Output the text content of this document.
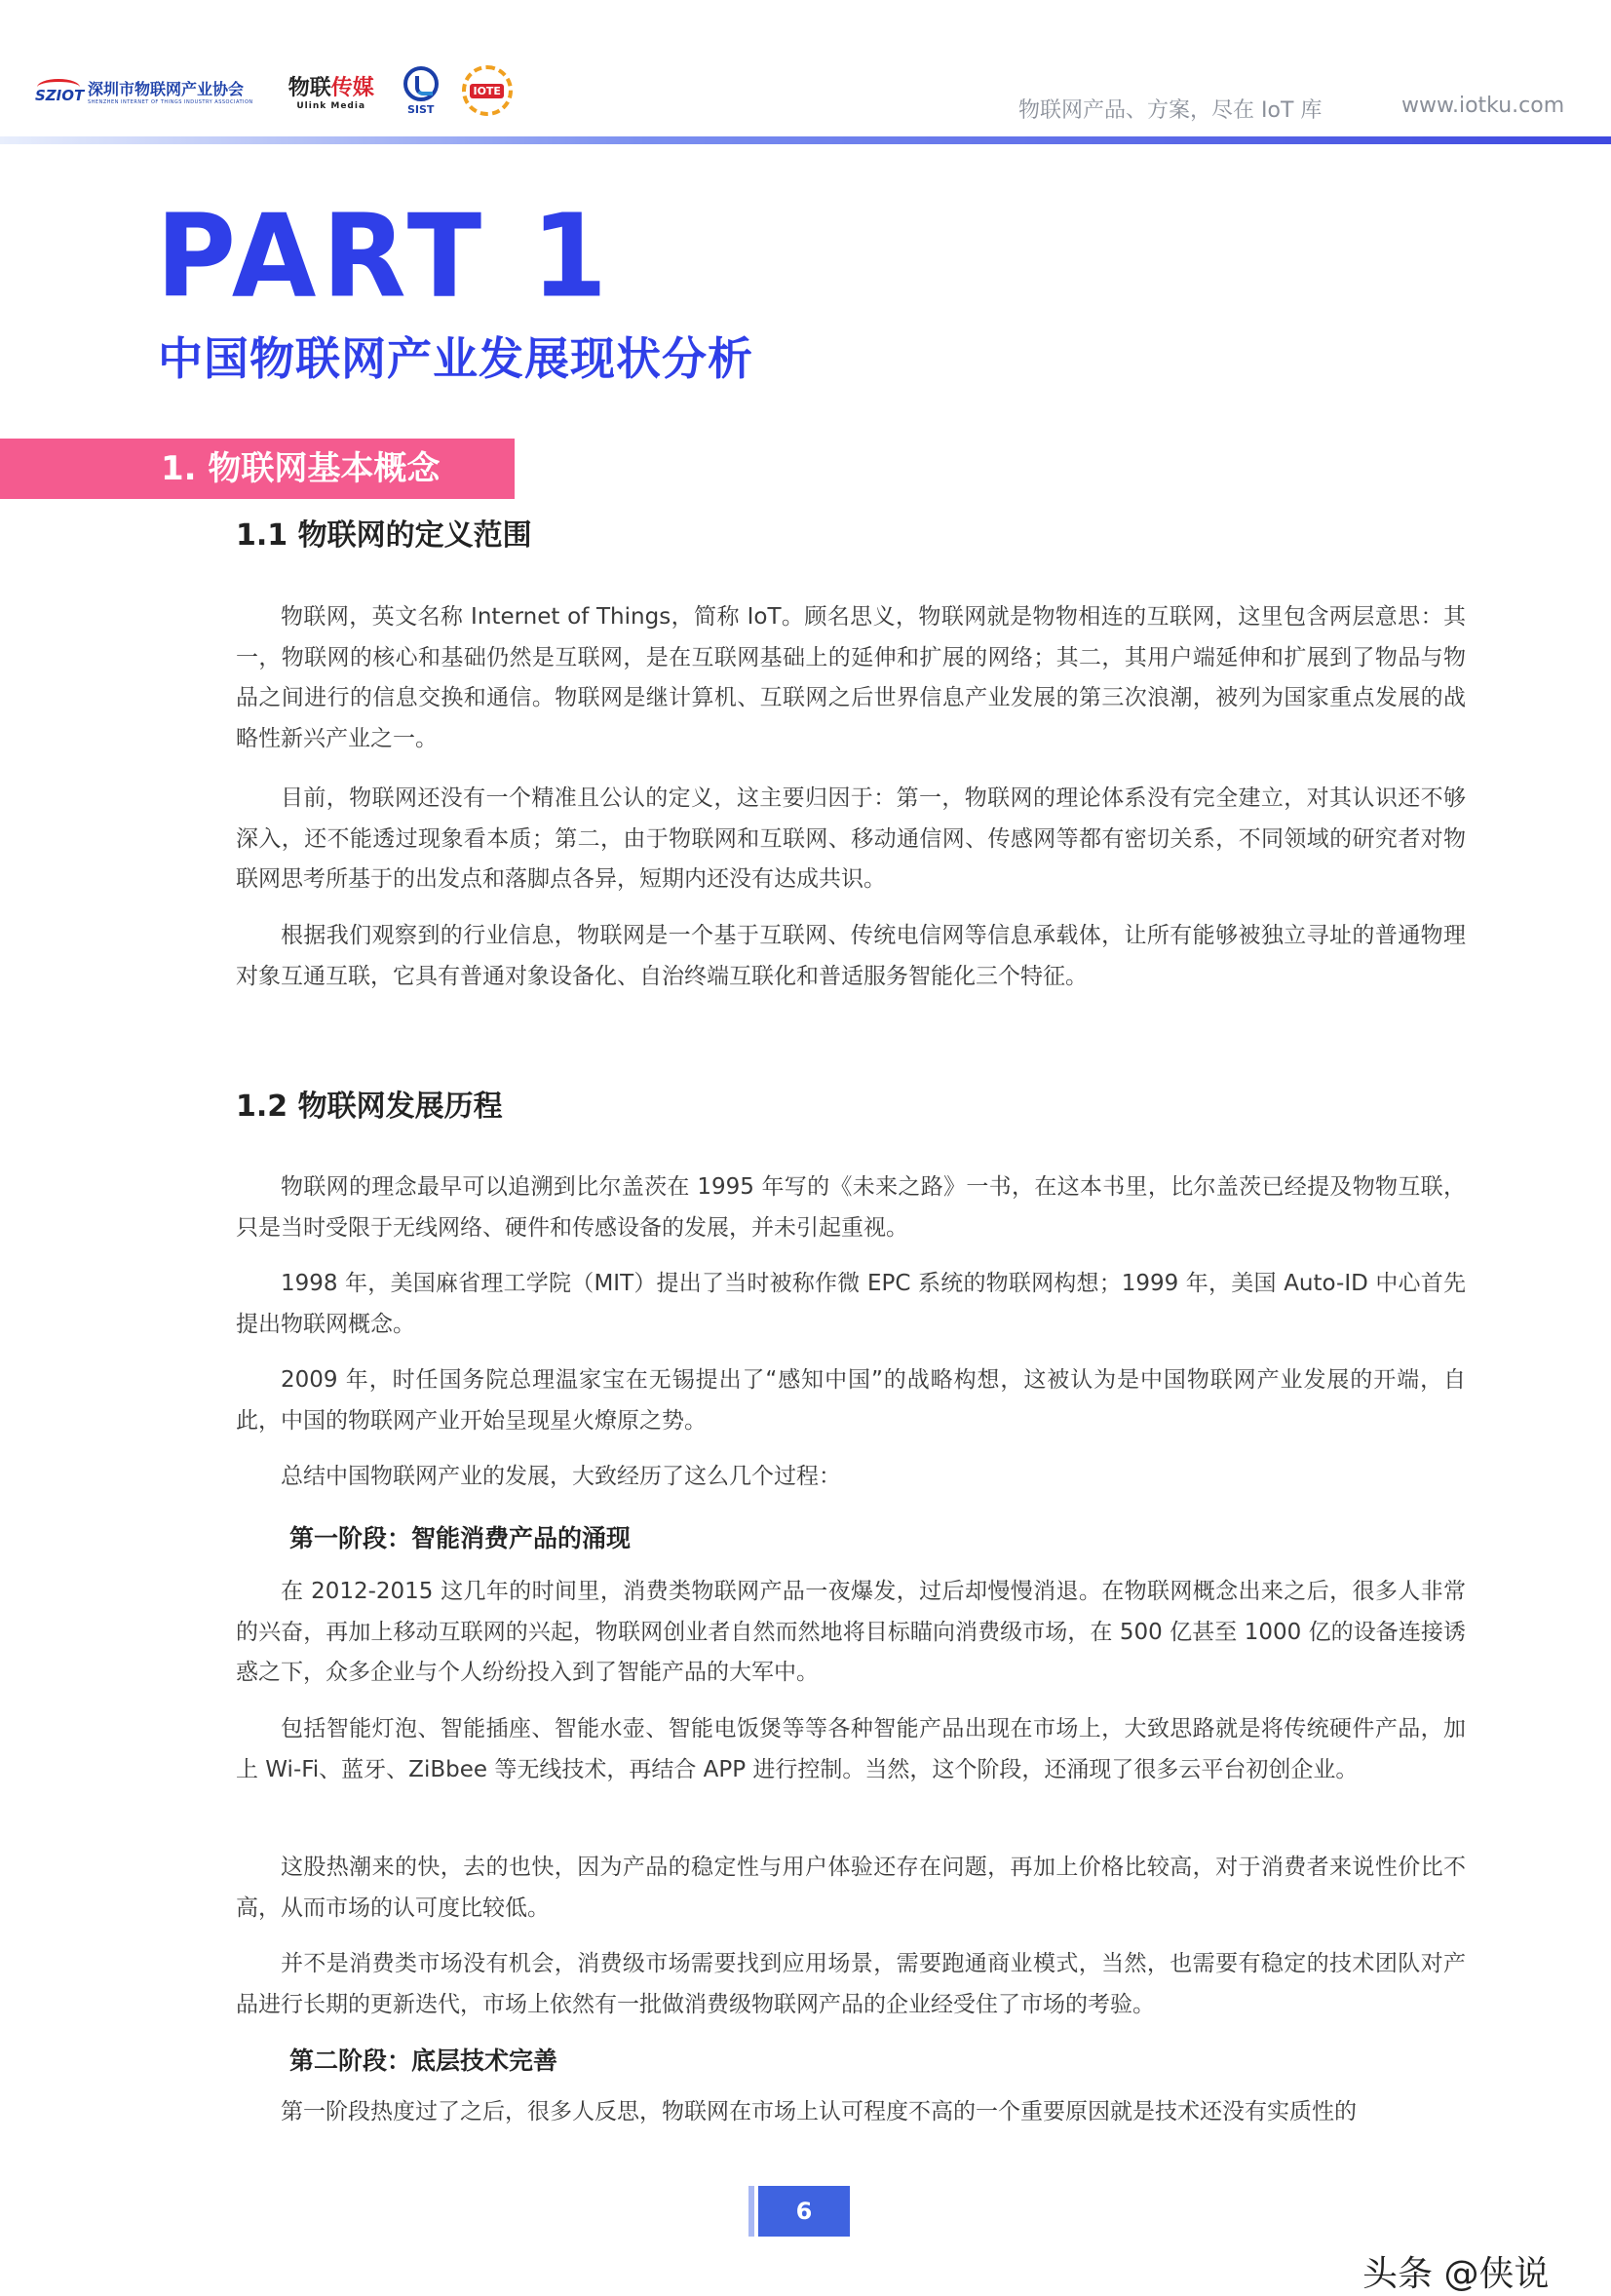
SZIOT 深圳市物联网产业协会
SHENZHEN INTERNET OF THINGS INDUSTRY ASSOCIATION
物联传媒
Ulink Media	SIST
IOTE
物联网产品、方案，尽在 IoT 库	www.iotku.com
PART 1
中国物联网产业发展现状分析
1. 物联网基本概念
1.1 物联网的定义范围

物联网，英文名称 Internet of Things，简称 IoT。顾名思义，物联网就是物物相连的互联网，这里包含两层意思：其一，物联网的核心和基础仍然是互联网，是在互联网基础上的延伸和扩展的网络；其二，其用户端延伸和扩展到了物品与物品之间进行的信息交换和通信。物联网是继计算机、互联网之后世界信息产业发展的第三次浪潮，被列为国家重点发展的战略性新兴产业之一。

目前，物联网还没有一个精准且公认的定义，这主要归因于：第一，物联网的理论体系没有完全建立，对其认识还不够深入，还不能透过现象看本质；第二，由于物联网和互联网、移动通信网、传感网等都有密切关系，不同领域的研究者对物联网思考所基于的出发点和落脚点各异，短期内还没有达成共识。

根据我们观察到的行业信息，物联网是一个基于互联网、传统电信网等信息承载体，让所有能够被独立寻址的普通物理对象互通互联，它具有普通对象设备化、自治终端互联化和普适服务智能化三个特征。

1.2 物联网发展历程

物联网的理念最早可以追溯到比尔盖茨在 1995 年写的《未来之路》一书，在这本书里，比尔盖茨已经提及物物互联，只是当时受限于无线网络、硬件和传感设备的发展，并未引起重视。

1998 年，美国麻省理工学院（MIT）提出了当时被称作微 EPC 系统的物联网构想；1999 年，美国 Auto-ID 中心首先提出物联网概念。

2009 年，时任国务院总理温家宝在无锡提出了“感知中国”的战略构想，这被认为是中国物联网产业发展的开端，自此，中国的物联网产业开始呈现星火燎原之势。

总结中国物联网产业的发展，大致经历了这么几个过程：

第一阶段：智能消费产品的涌现

在 2012-2015 这几年的时间里，消费类物联网产品一夜爆发，过后却慢慢消退。在物联网概念出来之后，很多人非常的兴奋，再加上移动互联网的兴起，物联网创业者自然而然地将目标瞄向消费级市场，在 500 亿甚至 1000 亿的设备连接诱惑之下，众多企业与个人纷纷投入到了智能产品的大军中。

包括智能灯泡、智能插座、智能水壶、智能电饭煲等等各种智能产品出现在市场上，大致思路就是将传统硬件产品，加上 Wi-Fi、蓝牙、ZiBbee 等无线技术，再结合 APP 进行控制。当然，这个阶段，还涌现了很多云平台初创企业。

这股热潮来的快，去的也快，因为产品的稳定性与用户体验还存在问题，再加上价格比较高，对于消费者来说性价比不高，从而市场的认可度比较低。

并不是消费类市场没有机会，消费级市场需要找到应用场景，需要跑通商业模式，当然，也需要有稳定的技术团队对产品进行长期的更新迭代，市场上依然有一批做消费级物联网产品的企业经受住了市场的考验。

第二阶段：底层技术完善

第一阶段热度过了之后，很多人反思，物联网在市场上认可程度不高的一个重要原因就是技术还没有实质性的

6
头条 @侠说
